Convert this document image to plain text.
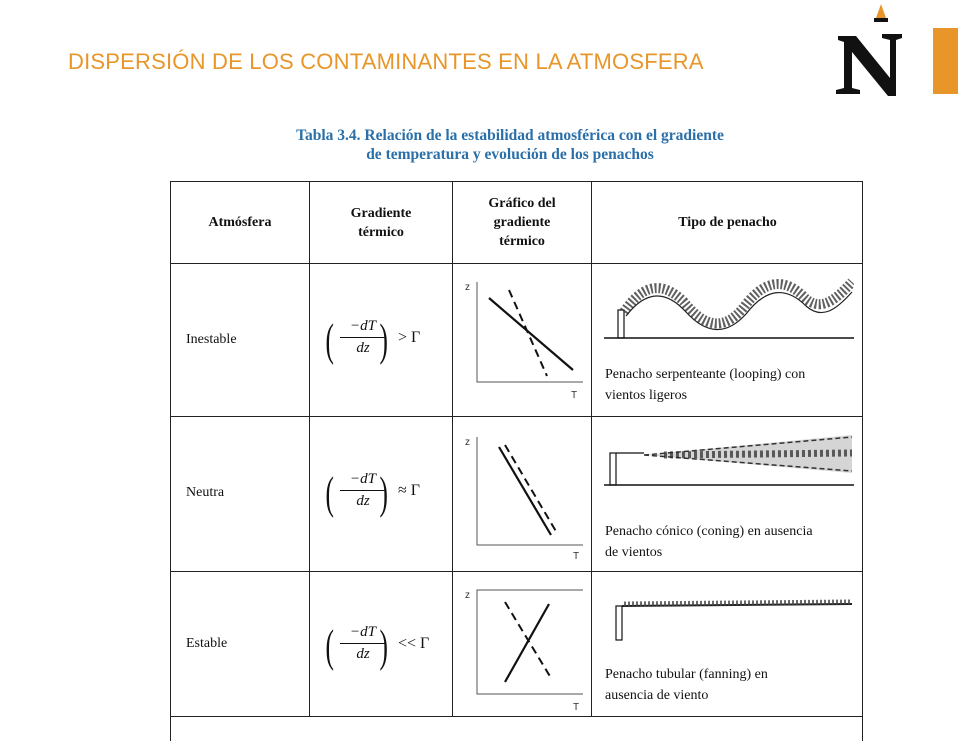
DISPERSIÓN DE LOS CONTAMINANTES EN LA ATMOSFERA
Tabla 3.4. Relación de la estabilidad atmosférica con el gradiente
de temperatura y evolución de los penachos
Atmósfera
Gradiente
térmico
Gráfico del
gradiente
térmico
Tipo de penacho
Inestable ( $\frac{-dT}{dz}$
) > Γ
z
T
Penacho serpenteante (looping) con
vientos ligeros
Neutra ( $\frac{-dT}{dz}$
) ≈ Γ
z
T
Penacho cónico (coning) en ausencia
de vientos
Estable ( $\frac{-dT}{dz}$
) << Γ
z
T
Penacho tubular (fanning) en
ausencia de viento
